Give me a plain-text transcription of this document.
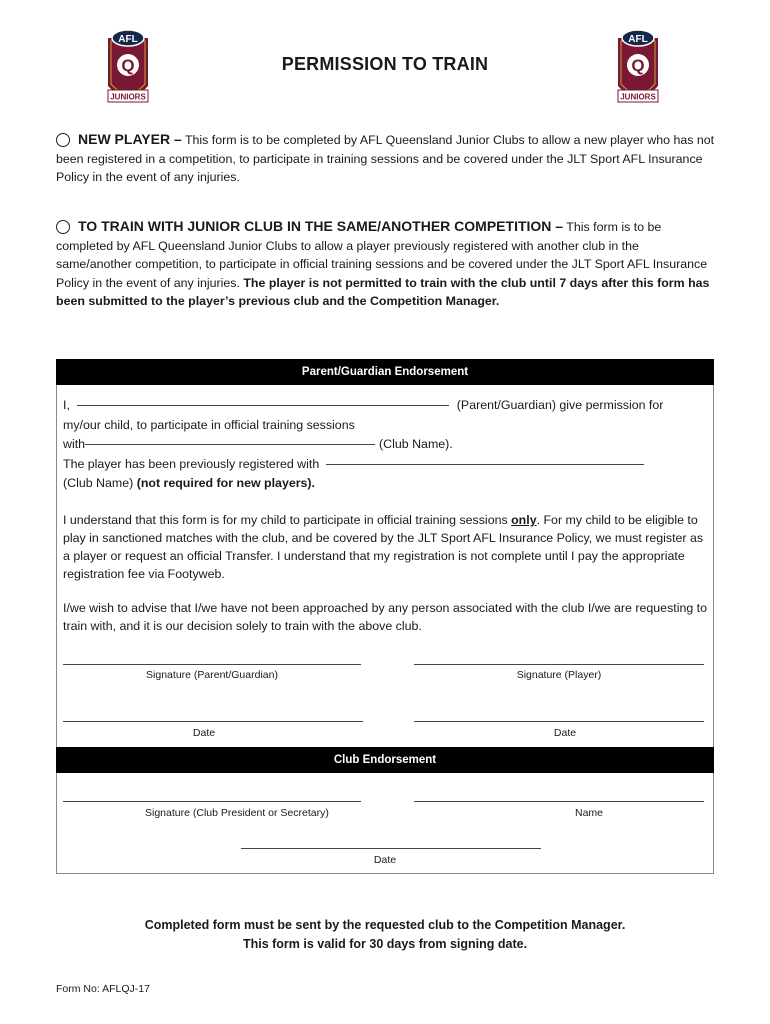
AFL
Q
JUNIORS
AFL
Q
JUNIORS
PERMISSION TO TRAIN
NEW PLAYER – This form is to be completed by AFL Queensland Junior Clubs to allow a new player who has not been registered in a competition, to participate in training sessions and be covered under the JLT Sport AFL Insurance Policy in the event of any injuries.
TO TRAIN WITH JUNIOR CLUB IN THE SAME/ANOTHER COMPETITION – This form is to be completed by AFL Queensland Junior Clubs to allow a player previously registered with another club in the same/another competition, to participate in official training sessions and be covered under the JLT Sport AFL Insurance Policy in the event of any injuries. The player is not permitted to train with the club until 7 days after this form has been submitted to the player’s previous club and the Competition Manager.
Parent/Guardian Endorsement
I,	(Parent/Guardian) give permission for
my/our child, to participate in official training sessions
with	(Club Name).
The player has been previously registered with
(Club Name) (not required for new players).
I understand that this form is for my child to participate in official training sessions only. For my child to be eligible to play in sanctioned matches with the club, and be covered by the JLT Sport AFL Insurance Policy, we must register as a player or request an official Transfer. I understand that my registration is not complete until I pay the appropriate registration fee via Footyweb.
I/we wish to advise that I/we have not been approached by any person associated with the club I/we are requesting to train with, and it is our decision solely to train with the above club.
Signature (Parent/Guardian)	Signature (Player)
Date	Date
Club Endorsement
Signature (Club President or Secretary)	Name
Date
Completed form must be sent by the requested club to the Competition Manager.
This form is valid for 30 days from signing date.
Form No: AFLQJ-17
